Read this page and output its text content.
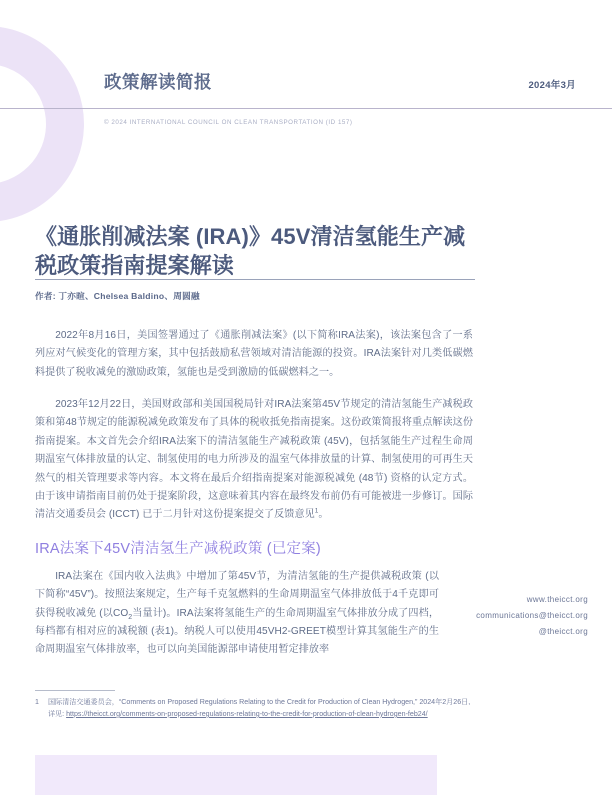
政策解读简报	2024年3月
© 2024 INTERNATIONAL COUNCIL ON CLEAN TRANSPORTATION (ID 157)
《通胀削减法案 (IRA)》45V清洁氢能生产减税政策指南提案解读
作者: 丁亦暄、Chelsea Baldino、周圆融

2022年8月16日，美国签署通过了《通胀削减法案》(以下简称IRA法案)，该法案包含了一系列应对气候变化的管理方案，其中包括鼓励私营领域对清洁能源的投资。IRA法案针对几类低碳燃料提供了税收减免的激励政策，氢能也是受到激励的低碳燃料之一。

2023年12月22日，美国财政部和美国国税局针对IRA法案第45V节规定的清洁氢能生产减税政策和第48节规定的能源税减免政策发布了具体的税收抵免指南提案。这份政策简报将重点解读这份指南提案。本文首先会介绍IRA法案下的清洁氢能生产减税政策 (45V)，包括氢能生产过程生命周期温室气体排放量的认定、制氢使用的电力所涉及的温室气体排放量的计算、制氢使用的可再生天然气的相关管理要求等内容。本文将在最后介绍指南提案对能源税减免 (48节) 资格的认定方式。由于该申请指南目前仍处于提案阶段，这意味着其内容在最终发布前仍有可能被进一步修订。国际清洁交通委员会 (ICCT) 已于二月针对这份提案提交了反馈意见$^1$。

IRA法案下45V清洁氢生产减税政策 (已定案)

IRA法案在《国内收入法典》中增加了第45V节，为清洁氢能的生产提供减税政策 (以下简称“45V”)。按照法案规定，生产每千克氢燃料的生命周期温室气体排放低于4千克即可获得税收减免 (以$CO_2$当量计)。IRA法案将氢能生产的生命周期温室气体排放分成了四档，每档都有相对应的减税额 (表1)。纳税人可以使用45VH2-GREET模型计算其氢能生产的生命周期温室气体排放率，也可以向美国能源部申请使用暂定排放率

www.theicct.org
communications@theicct.org
@theicct.org
1 国际清洁交通委员会，“Comments on Proposed Regulations Relating to the Credit for Production of Clean Hydrogen,” 2024年2月26日, 详见: https://theicct.org/comments-on-proposed-regulations-relating-to-the-credit-for-production-of-clean-hydrogen-feb24/
